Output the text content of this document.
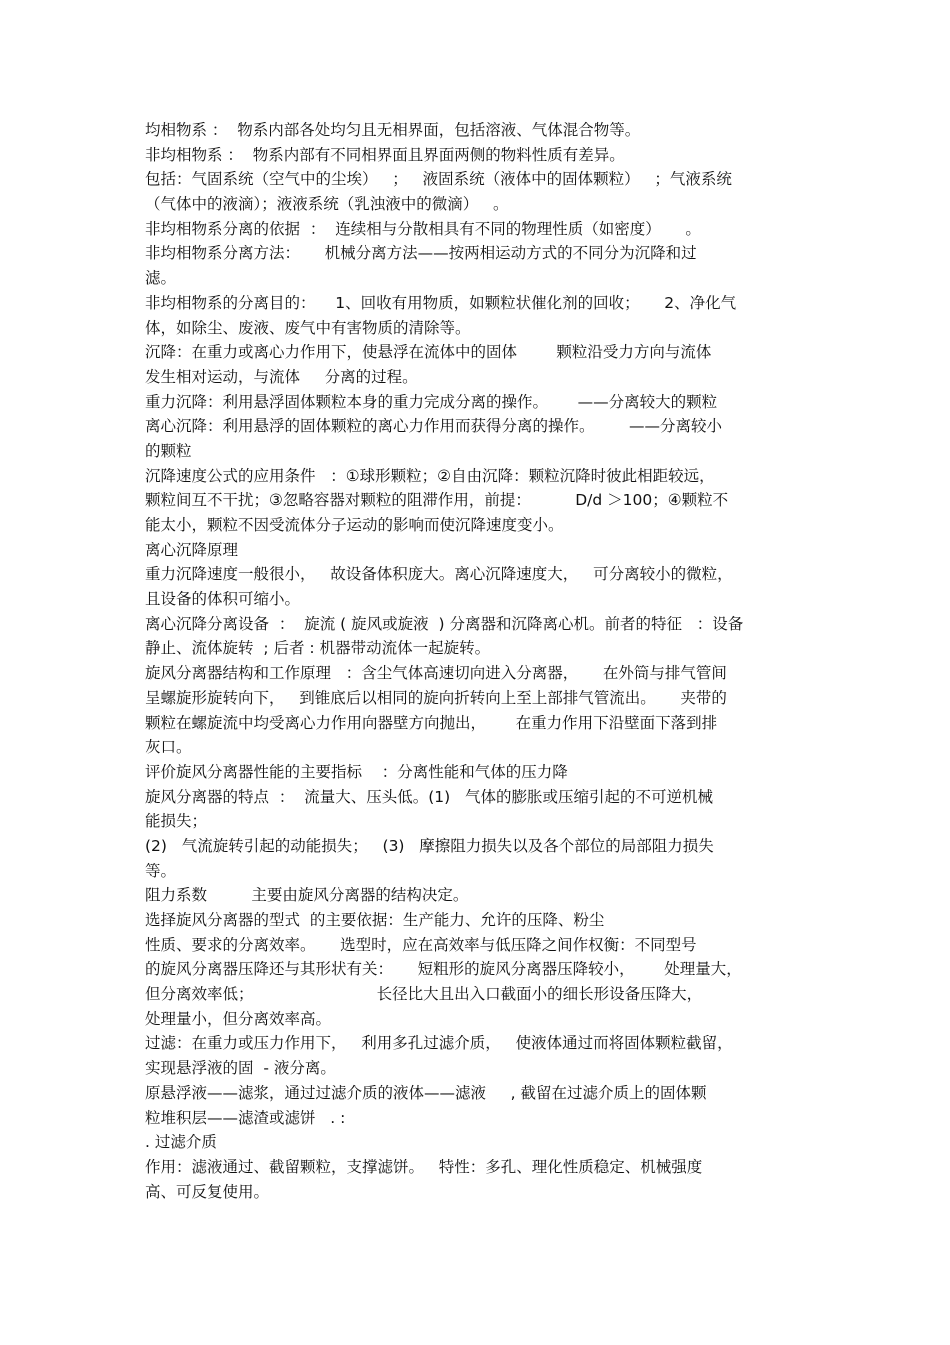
均相物系 ：  物系内部各处均匀且无相界面，包括溶液、气体混合物等。
非均相物系 ：  物系内部有不同相界面且界面两侧的物料性质有差异。
包括：气固系统（空气中的尘埃）   ；   液固系统（液体中的固体颗粒）   ；气液系统
（气体中的液滴）；液液系统（乳浊液中的微滴）   。
非均相物系分离的依据  ：  连续相与分散相具有不同的物理性质（如密度）     。
非均相物系分离方法：     机械分离方法——按两相运动方式的不同分为沉降和过
滤。
非均相物系的分离目的：    1、回收有用物质，如颗粒状催化剂的回收；     2、净化气
体，如除尘、废液、废气中有害物质的清除等。
沉降：在重力或离心力作用下，使悬浮在流体中的固体        颗粒沿受力方向与流体
发生相对运动，与流体     分离的过程。
重力沉降：利用悬浮固体颗粒本身的重力完成分离的操作。      ——分离较大的颗粒
离心沉降：利用悬浮的固体颗粒的离心力作用而获得分离的操作。       ——分离较小
的颗粒
沉降速度公式的应用条件   ：①球形颗粒；②自由沉降：颗粒沉降时彼此相距较远，
颗粒间互不干扰；③忽略容器对颗粒的阻滞作用，前提：         D/d ＞100；④颗粒不
能太小，颗粒不因受流体分子运动的影响而使沉降速度变小。
离心沉降原理
重力沉降速度一般很小，   故设备体积庞大。离心沉降速度大，   可分离较小的微粒，
且设备的体积可缩小。
离心沉降分离设备  ：  旋流 ( 旋风或旋液  ) 分离器和沉降离心机。前者的特征   ：设备
静止、流体旋转  ; 后者 : 机器带动流体一起旋转。
旋风分离器结构和工作原理   ：含尘气体高速切向进入分离器，     在外筒与排气管间
呈螺旋形旋转向下，   到锥底后以相同的旋向折转向上至上部排气管流出。     夹带的
颗粒在螺旋流中均受离心力作用向器壁方向抛出，      在重力作用下沿壁面下落到排
灰口。
评价旋风分离器性能的主要指标    ：分离性能和气体的压力降
旋风分离器的特点  ：  流量大、压头低。(1)   气体的膨胀或压缩引起的不可逆机械
能损失；
(2)   气流旋转引起的动能损失；   (3)   摩擦阻力损失以及各个部位的局部阻力损失
等。
阻力系数         主要由旋风分离器的结构决定。
选择旋风分离器的型式  的主要依据：生产能力、允许的压降、粉尘
性质、要求的分离效率。     选型时，应在高效率与低压降之间作权衡：不同型号
的旋风分离器压降还与其形状有关：     短粗形的旋风分离器压降较小，      处理量大，
但分离效率低；                         长径比大且出入口截面小的细长形设备压降大，
处理量小，但分离效率高。
过滤：在重力或压力作用下，   利用多孔过滤介质，   使液体通过而将固体颗粒截留，
实现悬浮液的固  - 液分离。
原悬浮液——滤浆，通过过滤介质的液体——滤液     , 截留在过滤介质上的固体颗
粒堆积层——滤渣或滤饼   . :
. 过滤介质
作用：滤液通过、截留颗粒，支撑滤饼。   特性：多孔、理化性质稳定、机械强度
高、可反复使用。
